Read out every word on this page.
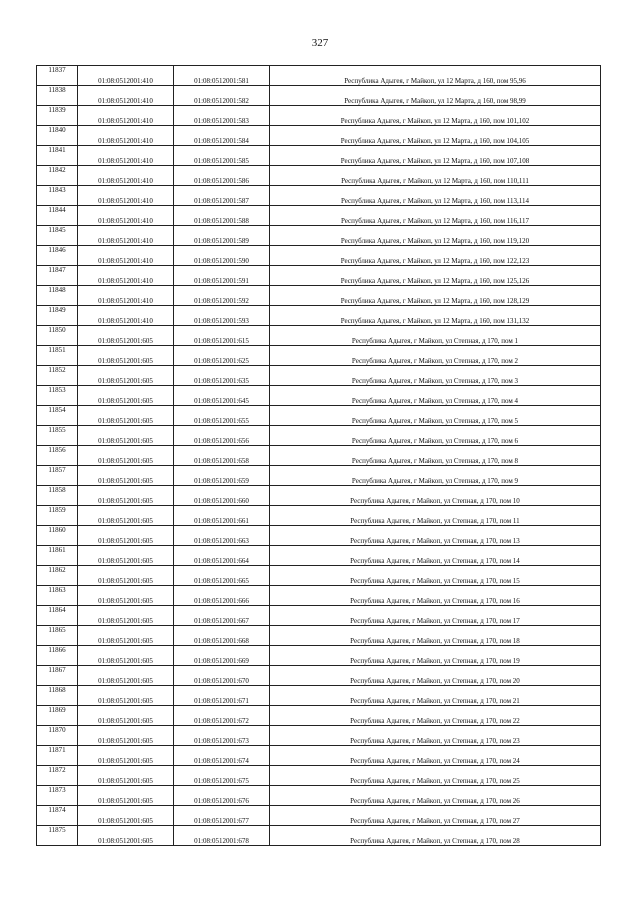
327
11837	01:08:0512001:410	01:08:0512001:581	Республика Адыгея, г Майкоп, ул 12 Марта, д 160, пом 95,96
11838	01:08:0512001:410	01:08:0512001:582	Республика Адыгея, г Майкоп, ул 12 Марта, д 160, пом 98,99
11839	01:08:0512001:410	01:08:0512001:583	Республика Адыгея, г Майкоп, ул 12 Марта, д 160, пом 101,102
11840	01:08:0512001:410	01:08:0512001:584	Республика Адыгея, г Майкоп, ул 12 Марта, д 160, пом 104,105
11841	01:08:0512001:410	01:08:0512001:585	Республика Адыгея, г Майкоп, ул 12 Марта, д 160, пом 107,108
11842	01:08:0512001:410	01:08:0512001:586	Республика Адыгея, г Майкоп, ул 12 Марта, д 160, пом 110,111
11843	01:08:0512001:410	01:08:0512001:587	Республика Адыгея, г Майкоп, ул 12 Марта, д 160, пом 113,114
11844	01:08:0512001:410	01:08:0512001:588	Республика Адыгея, г Майкоп, ул 12 Марта, д 160, пом 116,117
11845	01:08:0512001:410	01:08:0512001:589	Республика Адыгея, г Майкоп, ул 12 Марта, д 160, пом 119,120
11846	01:08:0512001:410	01:08:0512001:590	Республика Адыгея, г Майкоп, ул 12 Марта, д 160, пом 122,123
11847	01:08:0512001:410	01:08:0512001:591	Республика Адыгея, г Майкоп, ул 12 Марта, д 160, пом 125,126
11848	01:08:0512001:410	01:08:0512001:592	Республика Адыгея, г Майкоп, ул 12 Марта, д 160, пом 128,129
11849	01:08:0512001:410	01:08:0512001:593	Республика Адыгея, г Майкоп, ул 12 Марта, д 160, пом 131,132
11850	01:08:0512001:605	01:08:0512001:615	Республика Адыгея, г Майкоп, ул Степная, д 170, пом 1
11851	01:08:0512001:605	01:08:0512001:625	Республика Адыгея, г Майкоп, ул Степная, д 170, пом 2
11852	01:08:0512001:605	01:08:0512001:635	Республика Адыгея, г Майкоп, ул Степная, д 170, пом 3
11853	01:08:0512001:605	01:08:0512001:645	Республика Адыгея, г Майкоп, ул Степная, д 170, пом 4
11854	01:08:0512001:605	01:08:0512001:655	Республика Адыгея, г Майкоп, ул Степная, д 170, пом 5
11855	01:08:0512001:605	01:08:0512001:656	Республика Адыгея, г Майкоп, ул Степная, д 170, пом 6
11856	01:08:0512001:605	01:08:0512001:658	Республика Адыгея, г Майкоп, ул Степная, д 170, пом 8
11857	01:08:0512001:605	01:08:0512001:659	Республика Адыгея, г Майкоп, ул Степная, д 170, пом 9
11858	01:08:0512001:605	01:08:0512001:660	Республика Адыгея, г Майкоп, ул Степная, д 170, пом 10
11859	01:08:0512001:605	01:08:0512001:661	Республика Адыгея, г Майкоп, ул Степная, д 170, пом 11
11860	01:08:0512001:605	01:08:0512001:663	Республика Адыгея, г Майкоп, ул Степная, д 170, пом 13
11861	01:08:0512001:605	01:08:0512001:664	Республика Адыгея, г Майкоп, ул Степная, д 170, пом 14
11862	01:08:0512001:605	01:08:0512001:665	Республика Адыгея, г Майкоп, ул Степная, д 170, пом 15
11863	01:08:0512001:605	01:08:0512001:666	Республика Адыгея, г Майкоп, ул Степная, д 170, пом 16
11864	01:08:0512001:605	01:08:0512001:667	Республика Адыгея, г Майкоп, ул Степная, д 170, пом 17
11865	01:08:0512001:605	01:08:0512001:668	Республика Адыгея, г Майкоп, ул Степная, д 170, пом 18
11866	01:08:0512001:605	01:08:0512001:669	Республика Адыгея, г Майкоп, ул Степная, д 170, пом 19
11867	01:08:0512001:605	01:08:0512001:670	Республика Адыгея, г Майкоп, ул Степная, д 170, пом 20
11868	01:08:0512001:605	01:08:0512001:671	Республика Адыгея, г Майкоп, ул Степная, д 170, пом 21
11869	01:08:0512001:605	01:08:0512001:672	Республика Адыгея, г Майкоп, ул Степная, д 170, пом 22
11870	01:08:0512001:605	01:08:0512001:673	Республика Адыгея, г Майкоп, ул Степная, д 170, пом 23
11871	01:08:0512001:605	01:08:0512001:674	Республика Адыгея, г Майкоп, ул Степная, д 170, пом 24
11872	01:08:0512001:605	01:08:0512001:675	Республика Адыгея, г Майкоп, ул Степная, д 170, пом 25
11873	01:08:0512001:605	01:08:0512001:676	Республика Адыгея, г Майкоп, ул Степная, д 170, пом 26
11874	01:08:0512001:605	01:08:0512001:677	Республика Адыгея, г Майкоп, ул Степная, д 170, пом 27
11875	01:08:0512001:605	01:08:0512001:678	Республика Адыгея, г Майкоп, ул Степная, д 170, пом 28
